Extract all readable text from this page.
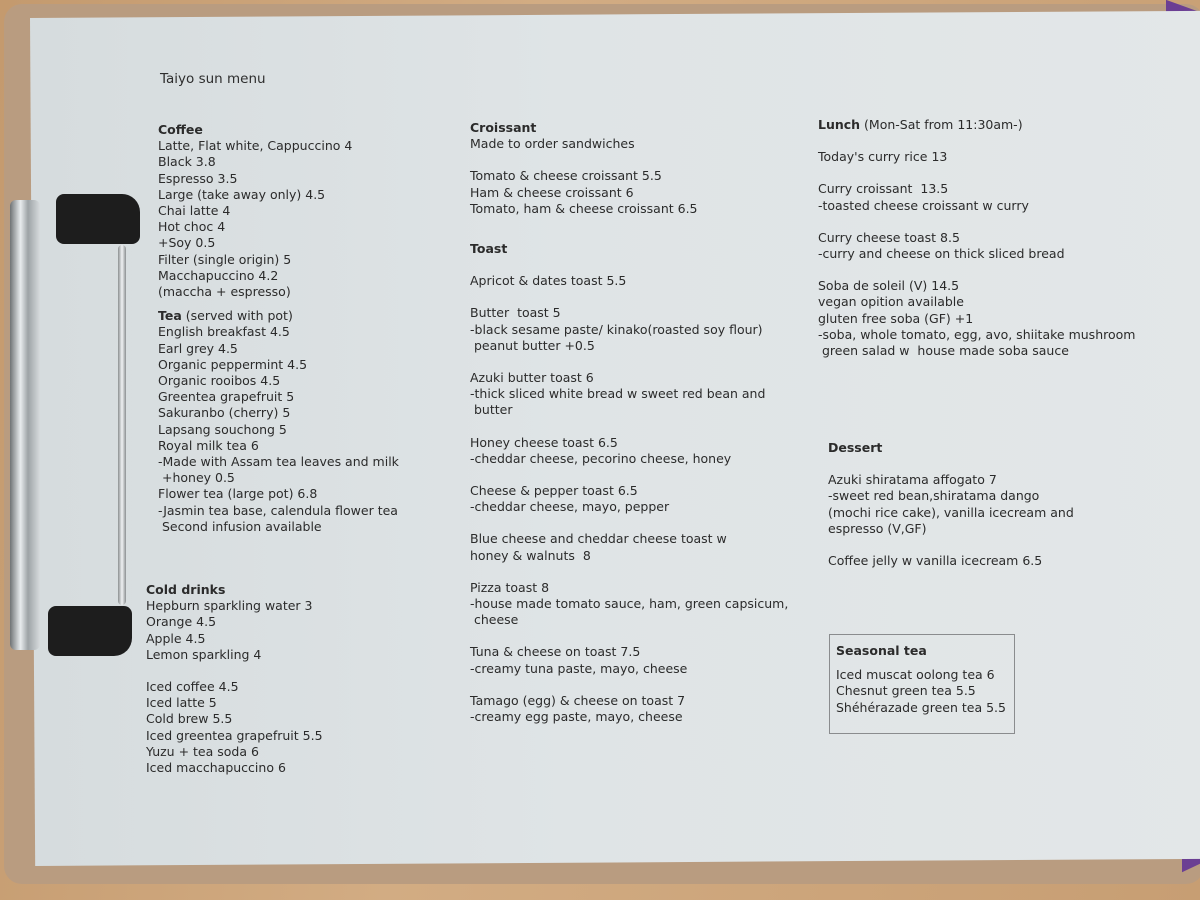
Taiyo sun menu

Coffee

Latte, Flat white, Cappuccino 4

Black 3.8

Espresso 3.5

Large (take away only) 4.5

Chai latte 4

Hot choc 4

+Soy 0.5

Filter (single origin) 5

Macchapuccino 4.2

(maccha + espresso)

Tea (served with pot)

English breakfast 4.5

Earl grey 4.5

Organic peppermint 4.5

Organic rooibos 4.5

Greentea grapefruit 5

Sakuranbo (cherry) 5

Lapsang souchong 5

Royal milk tea 6

-Made with Assam tea leaves and milk

+honey 0.5

Flower tea (large pot) 6.8

-Jasmin tea base, calendula flower tea

Second infusion available

Cold drinks

Hepburn sparkling water 3

Orange 4.5

Apple 4.5

Lemon sparkling 4

Iced coffee 4.5

Iced latte 5

Cold brew 5.5

Iced greentea grapefruit 5.5

Yuzu + tea soda 6

Iced macchapuccino 6

Croissant

Made to order sandwiches

Tomato & cheese croissant 5.5

Ham & cheese croissant 6

Tomato, ham & cheese croissant 6.5

Toast

Apricot & dates toast 5.5

Butter  toast 5

-black sesame paste/ kinako(roasted soy flour)

peanut butter +0.5

Azuki butter toast 6

-thick sliced white bread w sweet red bean and

butter

Honey cheese toast 6.5

-cheddar cheese, pecorino cheese, honey

Cheese & pepper toast 6.5

-cheddar cheese, mayo, pepper

Blue cheese and cheddar cheese toast w

honey & walnuts  8

Pizza toast 8

-house made tomato sauce, ham, green capsicum,

cheese

Tuna & cheese on toast 7.5

-creamy tuna paste, mayo, cheese

Tamago (egg) & cheese on toast 7

-creamy egg paste, mayo, cheese

Lunch (Mon-Sat from 11:30am-)

Today's curry rice 13

Curry croissant  13.5

-toasted cheese croissant w curry

Curry cheese toast 8.5

-curry and cheese on thick sliced bread

Soba de soleil (V) 14.5

vegan opition available

gluten free soba (GF) +1

-soba, whole tomato, egg, avo, shiitake mushroom

green salad w  house made soba sauce

Dessert

Azuki shiratama affogato 7

-sweet red bean,shiratama dango

(mochi rice cake), vanilla icecream and

espresso (V,GF)

Coffee jelly w vanilla icecream 6.5

Seasonal tea

Iced muscat oolong tea 6

Chesnut green tea 5.5

Shéhérazade green tea 5.5
